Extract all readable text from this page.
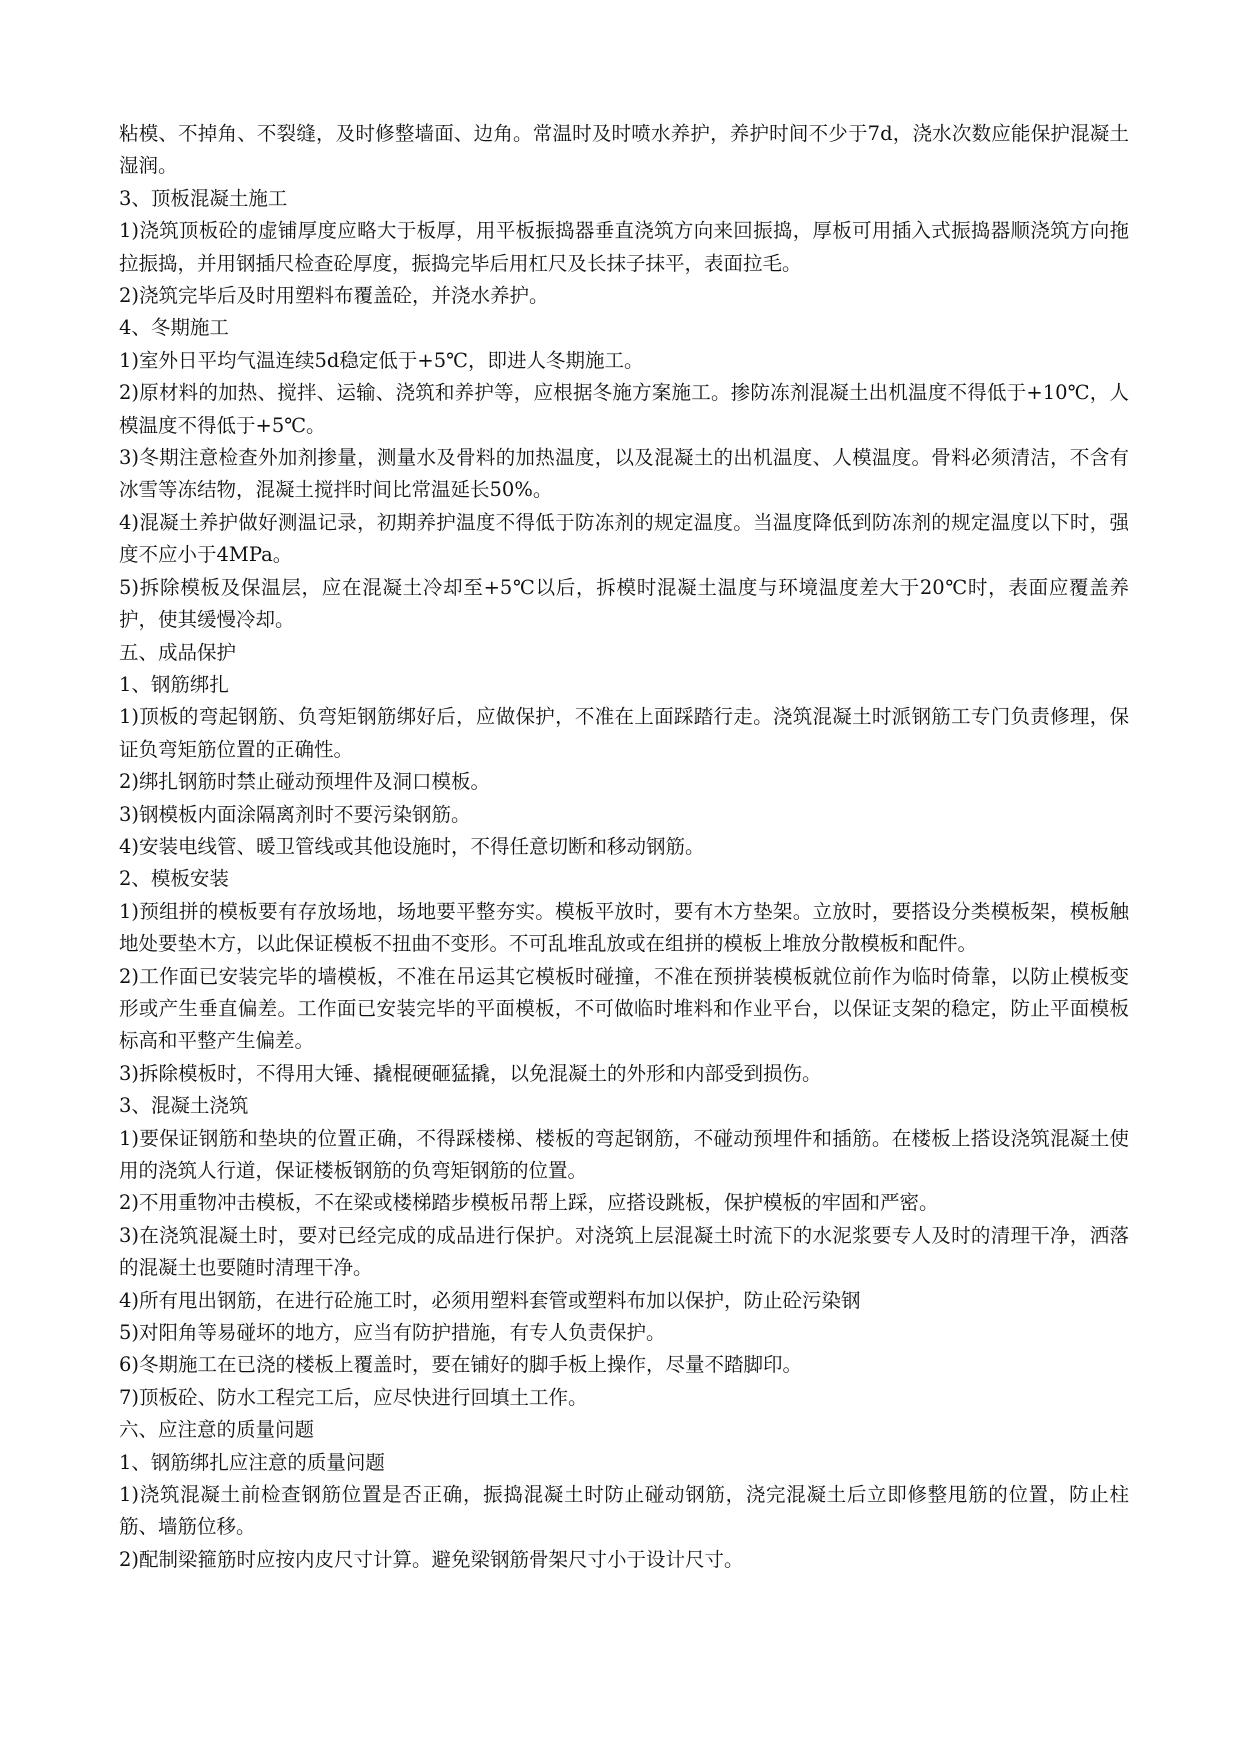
粘模、不掉角、不裂缝，及时修整墙面、边角。常温时及时喷水养护，养护时间不少于7d，浇水次数应能保护混凝土湿润。

3、顶板混凝土施工

1)浇筑顶板砼的虚铺厚度应略大于板厚，用平板振捣器垂直浇筑方向来回振捣，厚板可用插入式振捣器顺浇筑方向拖拉振捣，并用钢插尺检查砼厚度，振捣完毕后用杠尺及长抹子抹平，表面拉毛。

2)浇筑完毕后及时用塑料布覆盖砼，并浇水养护。

4、冬期施工

1)室外日平均气温连续5d稳定低于+5℃，即进人冬期施工。

2)原材料的加热、搅拌、运输、浇筑和养护等，应根据冬施方案施工。掺防冻剂混凝土出机温度不得低于+10℃，人模温度不得低于+5℃。

3)冬期注意检查外加剂掺量，测量水及骨料的加热温度，以及混凝土的出机温度、人模温度。骨料必须清洁，不含有冰雪等冻结物，混凝土搅拌时间比常温延长50%。

4)混凝土养护做好测温记录，初期养护温度不得低于防冻剂的规定温度。当温度降低到防冻剂的规定温度以下时，强度不应小于4MPa。

5)拆除模板及保温层，应在混凝土冷却至+5℃以后，拆模时混凝土温度与环境温度差大于20℃时，表面应覆盖养护，使其缓慢冷却。

五、成品保护

1、钢筋绑扎

1)顶板的弯起钢筋、负弯矩钢筋绑好后，应做保护，不准在上面踩踏行走。浇筑混凝土时派钢筋工专门负责修理，保证负弯矩筋位置的正确性。

2)绑扎钢筋时禁止碰动预埋件及洞口模板。

3)钢模板内面涂隔离剂时不要污染钢筋。

4)安装电线管、暖卫管线或其他设施时，不得任意切断和移动钢筋。

2、模板安装

1)预组拼的模板要有存放场地，场地要平整夯实。模板平放时，要有木方垫架。立放时，要搭设分类模板架，模板触地处要垫木方，以此保证模板不扭曲不变形。不可乱堆乱放或在组拼的模板上堆放分散模板和配件。

2)工作面已安装完毕的墙模板，不准在吊运其它模板时碰撞，不准在预拼装模板就位前作为临时倚靠，以防止模板变形或产生垂直偏差。工作面已安装完毕的平面模板，不可做临时堆料和作业平台，以保证支架的稳定，防止平面模板标高和平整产生偏差。

3)拆除模板时，不得用大锤、撬棍硬砸猛撬，以免混凝土的外形和内部受到损伤。

3、混凝土浇筑

1)要保证钢筋和垫块的位置正确，不得踩楼梯、楼板的弯起钢筋，不碰动预埋件和插筋。在楼板上搭设浇筑混凝土使用的浇筑人行道，保证楼板钢筋的负弯矩钢筋的位置。

2)不用重物冲击模板，不在梁或楼梯踏步模板吊帮上踩，应搭设跳板，保护模板的牢固和严密。

3)在浇筑混凝土时，要对已经完成的成品进行保护。对浇筑上层混凝土时流下的水泥浆要专人及时的清理干净，洒落的混凝土也要随时清理干净。

4)所有甩出钢筋，在进行砼施工时，必须用塑料套管或塑料布加以保护，防止砼污染钢

5)对阳角等易碰坏的地方，应当有防护措施，有专人负责保护。

6)冬期施工在已浇的楼板上覆盖时，要在铺好的脚手板上操作，尽量不踏脚印。

7)顶板砼、防水工程完工后，应尽快进行回填土工作。

六、应注意的质量问题

1、钢筋绑扎应注意的质量问题

1)浇筑混凝土前检查钢筋位置是否正确，振捣混凝土时防止碰动钢筋，浇完混凝土后立即修整甩筋的位置，防止柱筋、墙筋位移。

2)配制梁箍筋时应按内皮尺寸计算。避免梁钢筋骨架尺寸小于设计尺寸。
